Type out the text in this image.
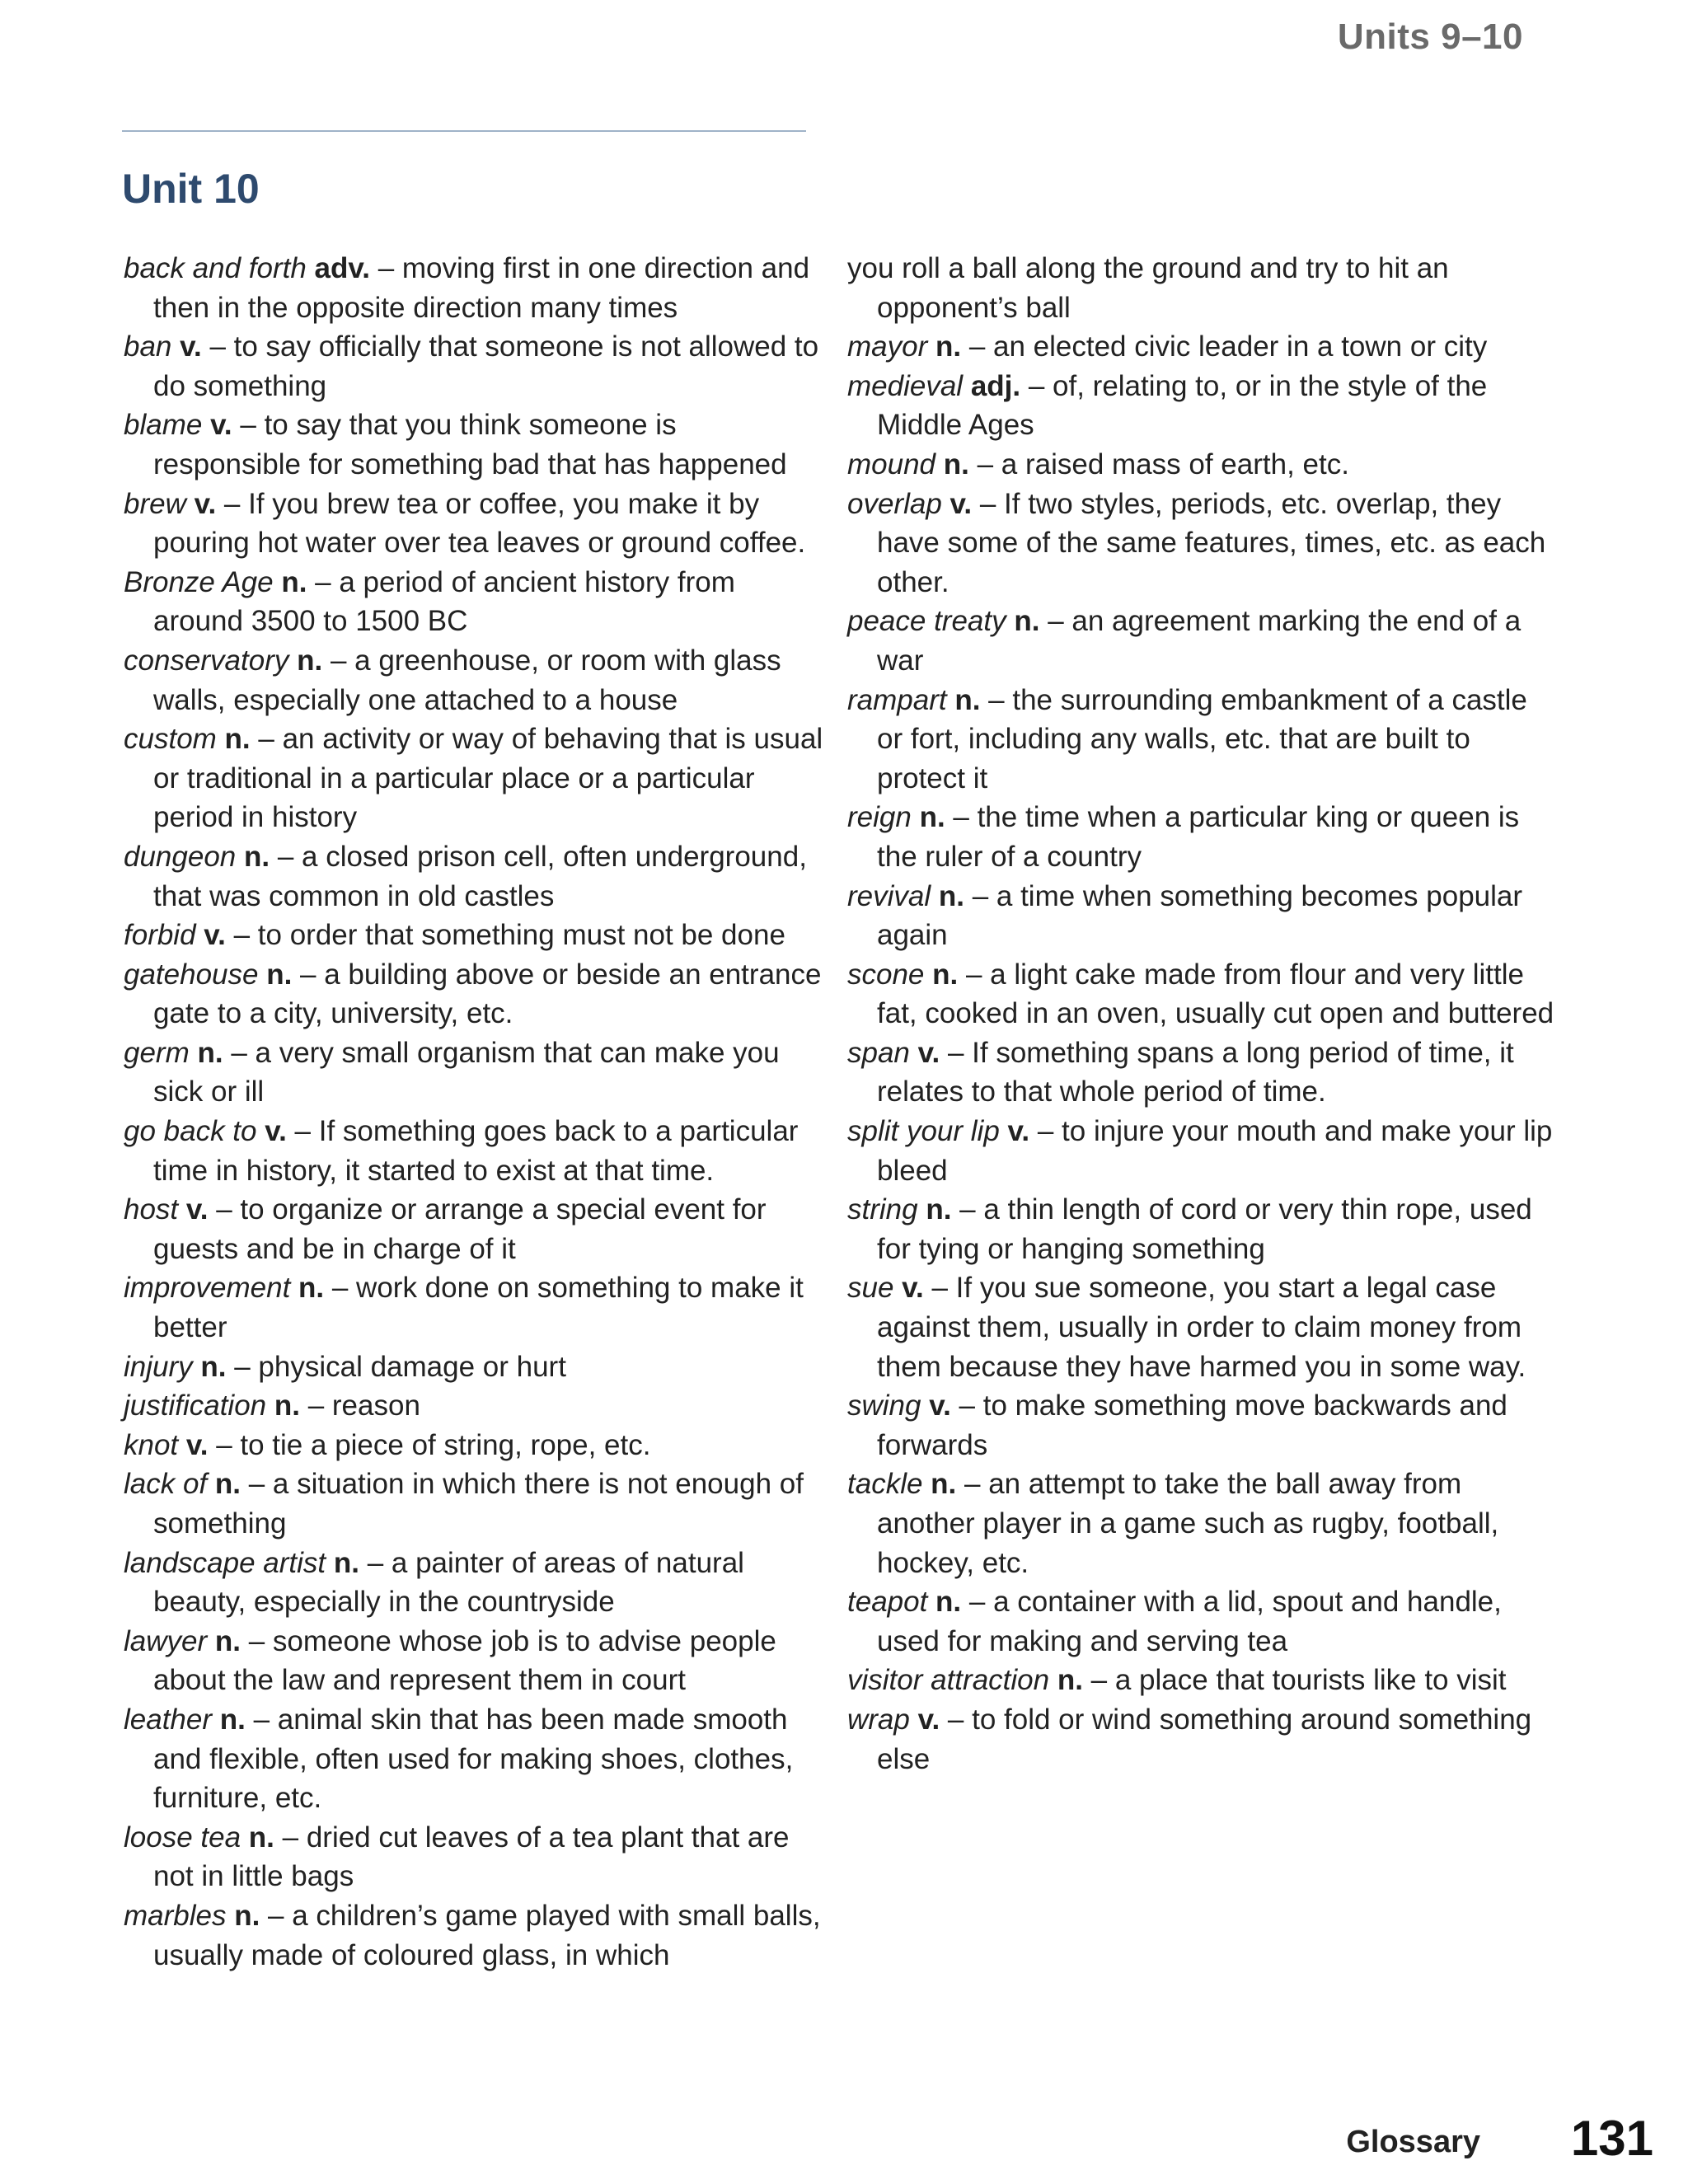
Units 9–10
Unit 10
back and forth adv. – moving first in one direction and then in the opposite direction many times
ban v. – to say officially that someone is not allowed to do something
blame v. – to say that you think someone is responsible for something bad that has happened
brew v. – If you brew tea or coffee, you make it by pouring hot water over tea leaves or ground coffee.
Bronze Age n. – a period of ancient history from around 3500 to 1500 BC
conservatory n. – a greenhouse, or room with glass walls, especially one attached to a house
custom n. – an activity or way of behaving that is usual or traditional in a particular place or a particular period in history
dungeon n. – a closed prison cell, often underground, that was common in old castles
forbid v. – to order that something must not be done
gatehouse n. – a building above or beside an entrance gate to a city, university, etc.
germ n. – a very small organism that can make you sick or ill
go back to v. – If something goes back to a particular time in history, it started to exist at that time.
host v. – to organize or arrange a special event for guests and be in charge of it
improvement n. – work done on something to make it better
injury n. – physical damage or hurt
justification n. – reason
knot v. – to tie a piece of string, rope, etc.
lack of n. – a situation in which there is not enough of something
landscape artist n. – a painter of areas of natural beauty, especially in the countryside
lawyer n. – someone whose job is to advise people about the law and represent them in court
leather n. – animal skin that has been made smooth and flexible, often used for making shoes, clothes, furniture, etc.
loose tea n. – dried cut leaves of a tea plant that are not in little bags
marbles n. – a children’s game played with small balls, usually made of coloured glass, in which
you roll a ball along the ground and try to hit an opponent’s ball
mayor n. – an elected civic leader in a town or city
medieval adj. – of, relating to, or in the style of the Middle Ages
mound n. – a raised mass of earth, etc.
overlap v. – If two styles, periods, etc. overlap, they have some of the same features, times, etc. as each other.
peace treaty n. – an agreement marking the end of a war
rampart n. – the surrounding embankment of a castle or fort, including any walls, etc. that are built to protect it
reign n. – the time when a particular king or queen is the ruler of a country
revival n. – a time when something becomes popular again
scone n. – a light cake made from flour and very little fat, cooked in an oven, usually cut open and buttered
span v. – If something spans a long period of time, it relates to that whole period of time.
split your lip v. – to injure your mouth and make your lip bleed
string n. – a thin length of cord or very thin rope, used for tying or hanging something
sue v. – If you sue someone, you start a legal case against them, usually in order to claim money from them because they have harmed you in some way.
swing v. – to make something move backwards and forwards
tackle n. – an attempt to take the ball away from another player in a game such as rugby, football, hockey, etc.
teapot n. – a container with a lid, spout and handle, used for making and serving tea
visitor attraction n. – a place that tourists like to visit
wrap v. – to fold or wind something around something else
Glossary 131
